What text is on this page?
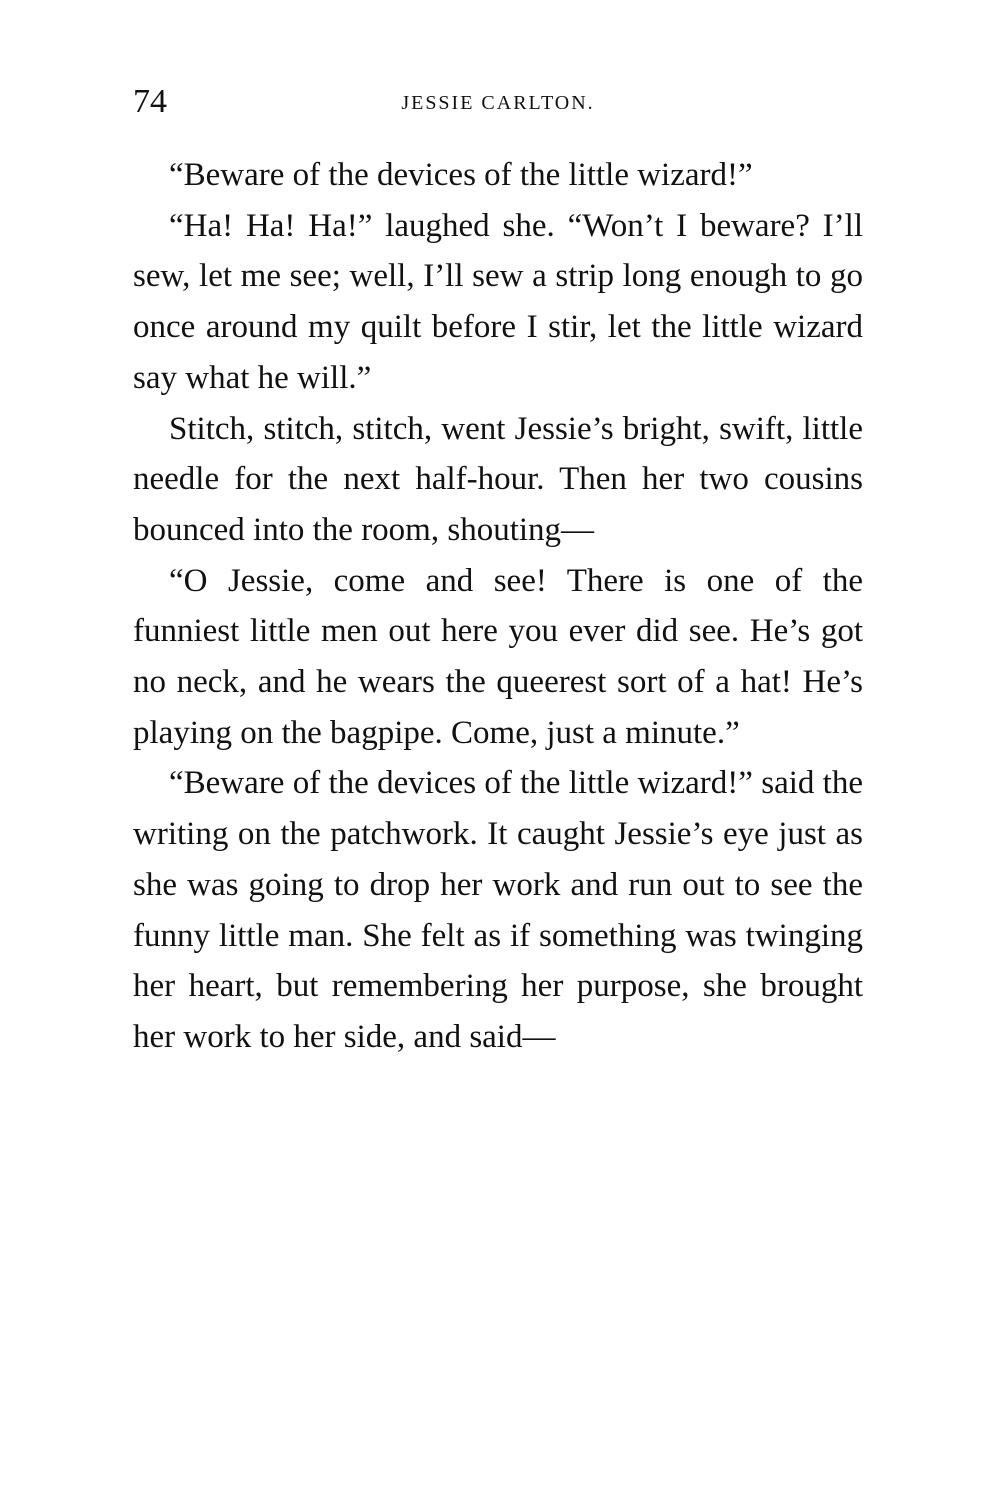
74	JESSIE CARLTON.

“Beware of the devices of the little wizard!”

“Ha! Ha! Ha!” laughed she. “Won’t I beware? I’ll sew, let me see; well, I’ll sew a strip long enough to go once around my quilt before I stir, let the little wizard say what he will.”

Stitch, stitch, stitch, went Jessie’s bright, swift, little needle for the next half-hour. Then her two cousins bounced into the room, shouting—

“O Jessie, come and see! There is one of the funniest little men out here you ever did see. He’s got no neck, and he wears the queerest sort of a hat! He’s playing on the bagpipe. Come, just a minute.”

“Beware of the devices of the little wizard!” said the writing on the patchwork. It caught Jessie’s eye just as she was going to drop her work and run out to see the funny little man. She felt as if something was twinging her heart, but remembering her purpose, she brought her work to her side, and said—
